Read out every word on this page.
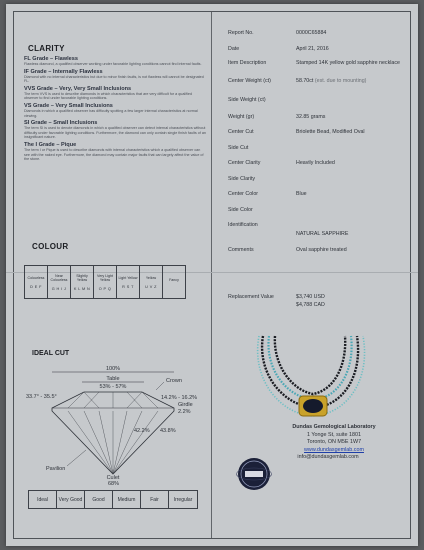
CLARITY
FL Grade – Flawless
Flawless diamond, a qualified observer working under favorable lighting conditions cannot find internal faults.
IF Grade – Internally Flawless
Diamond with no internal characteristics but due to minor finish faults, is not flawless will cannot be designated FL.
VVS Grade – Very, Very Small Inclusions
The term VVS is used to describe diamonds in which characteristics that are very difficult for a qualified observer to find under favorable lighting conditions.
VS Grade – Very Small Inclusions
Diamonds in which a qualified observer has difficulty spotting a few larger internal characteristics at normal viewing.
SI Grade – Small Inclusions
The term SI is used to denote diamonds in which a qualified observer can detect internal characteristics without difficulty under favorable lighting conditions. Furthermore, the diamond can only contain single finish faults of an insignificant nature.
The I Grade – Pique
The term I or Pique is used to describe diamonds with internal characteristics which a qualified observer can see with the naked eye. Furthermore, the diamond may contain major faults that can largely affect the value of the stone.
COLOUR
Colourless
D E F

Near Colourless
G H I J

Slightly Yellow
K L M N

Very Light Yellow
O P Q

Light Yellow
R S T

Yellow
U V Z

Fancy
IDEAL CUT
100%
Table
53% - 57%
Crown
14.2% - 16.2%
33.7° - 35.5°
Girdle
2.2%
Pavilion
42.2% 43.8%
Culet
68%
Ideal	Very Good	Good	Medium	Fair	Irregular
Report No.	0000C65884
Date	April 21, 2016
Item Description	Stamped 14K yellow gold sapphire necklace
Center Weight (ct)	58.70ct (est. due to mounting)
Side Weight (ct)
Weight (gr)	32.85 grams
Center Cut	Briolette Bead, Modified Oval
Side Cut
Center Clarity	Heavily Included
Side Clarity
Center Color	Blue
Side Color
Identification
NATURAL SAPPHIRE
Comments	Oval sapphire treated
Replacement Value	$3,740 USD
$4,788 CAD
Dundas Gemological Laboratory
1 Yonge St, suite 1801
Toronto, ON M5E 1W7
www.dundasgemlab.com
info@dundasgemlab.com
